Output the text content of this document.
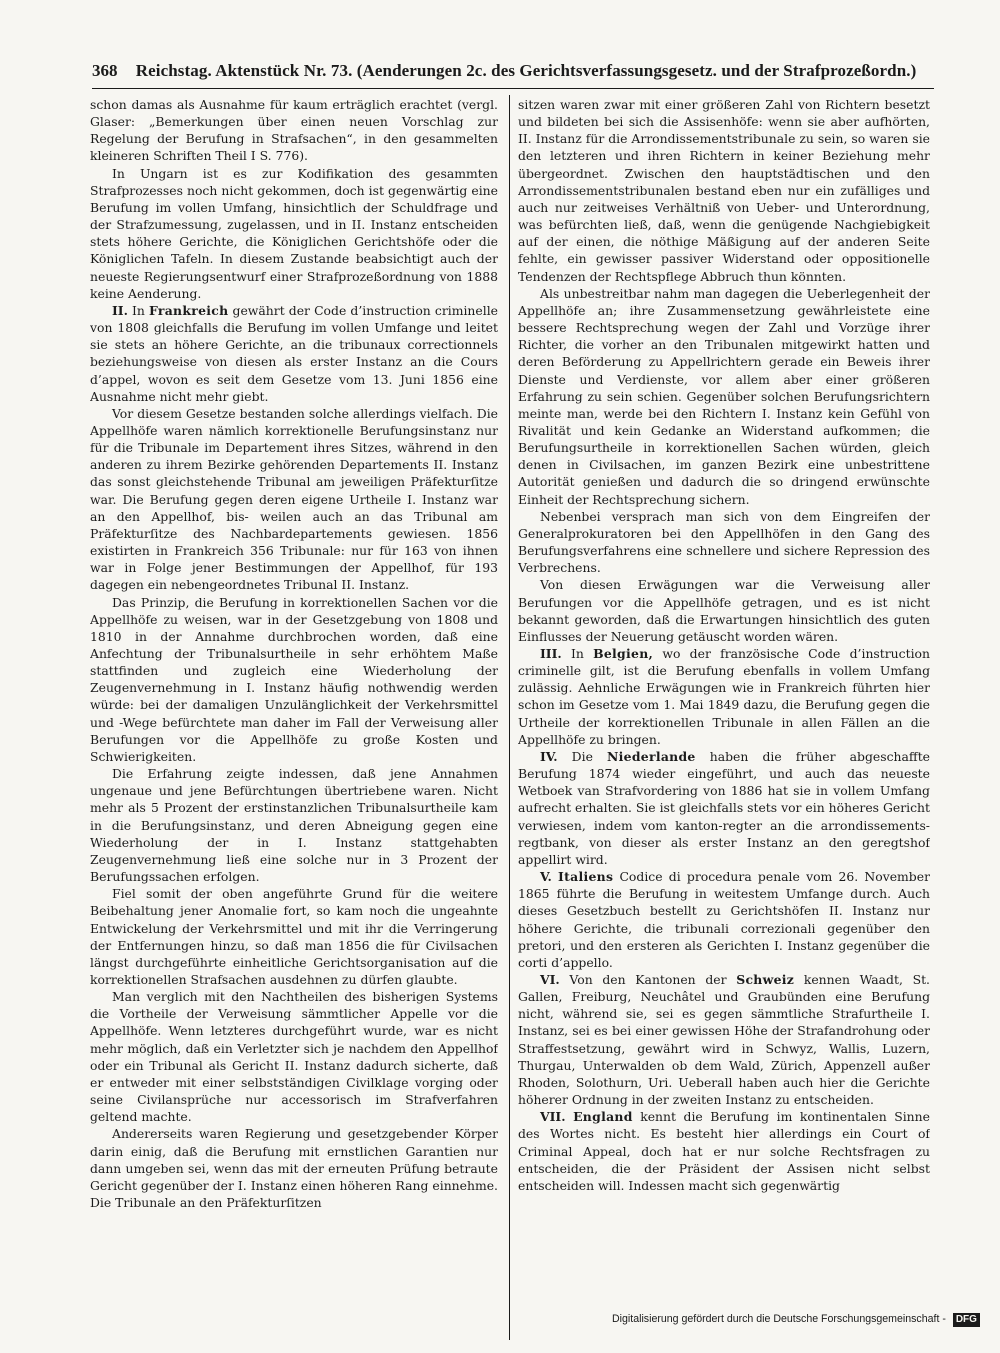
368 Reichstag. Aktenstück Nr. 73. (Aenderungen 2c. des Gerichtsverfassungsgesetz. und der Strafprozeßordn.)

schon damas als Ausnahme für kaum erträglich erachtet (vergl. Glaser: „Bemerkungen über einen neuen Vorschlag zur Regelung der Berufung in Strafsachen“, in den gesammelten kleineren Schriften Theil I S. 776).

In Ungarn ist es zur Kodifikation des gesammten Strafprozesses noch nicht gekommen, doch ist gegenwärtig eine Berufung im vollen Umfang, hinsichtlich der Schuldfrage und der Strafzumessung, zugelassen, und in II. Instanz entscheiden stets höhere Gerichte, die Königlichen Gerichtshöfe oder die Königlichen Tafeln. In diesem Zustande beabsichtigt auch der neueste Regierungsentwurf einer Strafprozeßordnung von 1888 keine Aenderung.

II. In Frankreich gewährt der Code d’instruction criminelle von 1808 gleichfalls die Berufung im vollen Umfange und leitet sie stets an höhere Gerichte, an die tribunaux correctionnels beziehungsweise von diesen als erster Instanz an die Cours d’appel, wovon es seit dem Gesetze vom 13. Juni 1856 eine Ausnahme nicht mehr giebt.

Vor diesem Gesetze bestanden solche allerdings vielfach. Die Appellhöfe waren nämlich korrektionelle Berufungsinstanz nur für die Tribunale im Departement ihres Sitzes, während in den anderen zu ihrem Bezirke gehörenden Departements II. Instanz das sonst gleichstehende Tribunal am jeweiligen Präfekturſitze war. Die Berufung gegen deren eigene Urtheile I. Instanz war an den Appellhof, bis- weilen auch an das Tribunal am Präfekturſitze des Nachbardepartements gewiesen. 1856 existirten in Frankreich 356 Tribunale: nur für 163 von ihnen war in Folge jener Bestimmungen der Appellhof, für 193 dagegen ein nebengeordnetes Tribunal II. Instanz.

Das Prinzip, die Berufung in korrektionellen Sachen vor die Appellhöfe zu weisen, war in der Gesetzgebung von 1808 und 1810 in der Annahme durchbrochen worden, daß eine Anfechtung der Tribunalsurtheile in sehr erhöhtem Maße stattfinden und zugleich eine Wiederholung der Zeugenvernehmung in I. Instanz häufig nothwendig werden würde: bei der damaligen Unzulänglichkeit der Verkehrsmittel und -Wege befürchtete man daher im Fall der Verweisung aller Berufungen vor die Appellhöfe zu große Kosten und Schwierigkeiten.

Die Erfahrung zeigte indessen, daß jene Annahmen ungenaue und jene Befürchtungen übertriebene waren. Nicht mehr als 5 Prozent der erstinstanzlichen Tribunalsurtheile kam in die Berufungsinstanz, und deren Abneigung gegen eine Wiederholung der in I. Instanz stattgehabten Zeugenvernehmung ließ eine solche nur in 3 Prozent der Berufungssachen erfolgen.

Fiel somit der oben angeführte Grund für die weitere Beibehaltung jener Anomalie fort, so kam noch die ungeahnte Entwickelung der Verkehrsmittel und mit ihr die Verringerung der Entfernungen hinzu, so daß man 1856 die für Civilsachen längst durchgeführte einheitliche Gerichtsorganisation auf die korrektionellen Strafsachen ausdehnen zu dürfen glaubte.

Man verglich mit den Nachtheilen des bisherigen Systems die Vortheile der Verweisung sämmtlicher Appelle vor die Appellhöfe. Wenn letzteres durchgeführt wurde, war es nicht mehr möglich, daß ein Verletzter sich je nachdem den Appellhof oder ein Tribunal als Gericht II. Instanz dadurch sicherte, daß er entweder mit einer selbstständigen Civilklage vorging oder seine Civilansprüche nur accessorisch im Strafverfahren geltend machte.

Andererseits waren Regierung und gesetzgebender Körper darin einig, daß die Berufung mit ernstlichen Garantien nur dann umgeben sei, wenn das mit der erneuten Prüfung betraute Gericht gegenüber der I. Instanz einen höheren Rang einnehme. Die Tribunale an den Präfekturſitzen

sitzen waren zwar mit einer größeren Zahl von Richtern besetzt und bildeten bei sich die Assisenhöfe: wenn sie aber aufhörten, II. Instanz für die Arrondissementstribunale zu sein, so waren sie den letzteren und ihren Richtern in keiner Beziehung mehr übergeordnet. Zwischen den hauptstädtischen und den Arrondissementstribunalen bestand eben nur ein zufälliges und auch nur zeitweises Verhältniß von Ueber- und Unterordnung, was befürchten ließ, daß, wenn die genügende Nachgiebigkeit auf der einen, die nöthige Mäßigung auf der anderen Seite fehlte, ein gewisser passiver Widerstand oder oppositionelle Tendenzen der Rechtspflege Abbruch thun könnten.

Als unbestreitbar nahm man dagegen die Ueberlegenheit der Appellhöfe an; ihre Zusammensetzung gewährleistete eine bessere Rechtsprechung wegen der Zahl und Vorzüge ihrer Richter, die vorher an den Tribunalen mitgewirkt hatten und deren Beförderung zu Appellrichtern gerade ein Beweis ihrer Dienste und Verdienste, vor allem aber einer größeren Erfahrung zu sein schien. Gegenüber solchen Berufungsrichtern meinte man, werde bei den Richtern I. Instanz kein Gefühl von Rivalität und kein Gedanke an Widerstand aufkommen; die Berufungsurtheile in korrektionellen Sachen würden, gleich denen in Civilsachen, im ganzen Bezirk eine unbestrittene Autorität genießen und dadurch die so dringend erwünschte Einheit der Rechtsprechung sichern.

Nebenbei versprach man sich von dem Eingreifen der Generalprokuratoren bei den Appellhöfen in den Gang des Berufungsverfahrens eine schnellere und sichere Repression des Verbrechens.

Von diesen Erwägungen war die Verweisung aller Berufungen vor die Appellhöfe getragen, und es ist nicht bekannt geworden, daß die Erwartungen hinsichtlich des guten Einflusses der Neuerung getäuscht worden wären.

III. In Belgien, wo der französische Code d’instruction criminelle gilt, ist die Berufung ebenfalls in vollem Umfang zulässig. Aehnliche Erwägungen wie in Frankreich führten hier schon im Gesetze vom 1. Mai 1849 dazu, die Berufung gegen die Urtheile der korrektionellen Tribunale in allen Fällen an die Appellhöfe zu bringen.

IV. Die Niederlande haben die früher abgeschaffte Berufung 1874 wieder eingeführt, und auch das neueste Wetboek van Strafvordering von 1886 hat sie in vollem Umfang aufrecht erhalten. Sie ist gleichfalls stets vor ein höheres Gericht verwiesen, indem vom kanton-regter an die arrondissements-regtbank, von dieser als erster Instanz an den geregtshof appellirt wird.

V. Italiens Codice di procedura penale vom 26. November 1865 führte die Berufung in weitestem Umfange durch. Auch dieses Gesetzbuch bestellt zu Gerichtshöfen II. Instanz nur höhere Gerichte, die tribunali correzionali gegenüber den pretori, und den ersteren als Gerichten I. Instanz gegenüber die corti d’appello.

VI. Von den Kantonen der Schweiz kennen Waadt, St. Gallen, Freiburg, Neuchâtel und Graubünden eine Berufung nicht, während sie, sei es gegen sämmtliche Strafurtheile I. Instanz, sei es bei einer gewissen Höhe der Strafandrohung oder Straffestsetzung, gewährt wird in Schwyz, Wallis, Luzern, Thurgau, Unterwalden ob dem Wald, Zürich, Appenzell außer Rhoden, Solothurn, Uri. Ueberall haben auch hier die Gerichte höherer Ordnung in der zweiten Instanz zu entscheiden.

VII. England kennt die Berufung im kontinentalen Sinne des Wortes nicht. Es besteht hier allerdings ein Court of Criminal Appeal, doch hat er nur solche Rechtsfragen zu entscheiden, die der Präsident der Assisen nicht selbst entscheiden will. Indessen macht sich gegenwärtig

Digitalisierung gefördert durch die Deutsche Forschungsgemeinschaft - DFG
